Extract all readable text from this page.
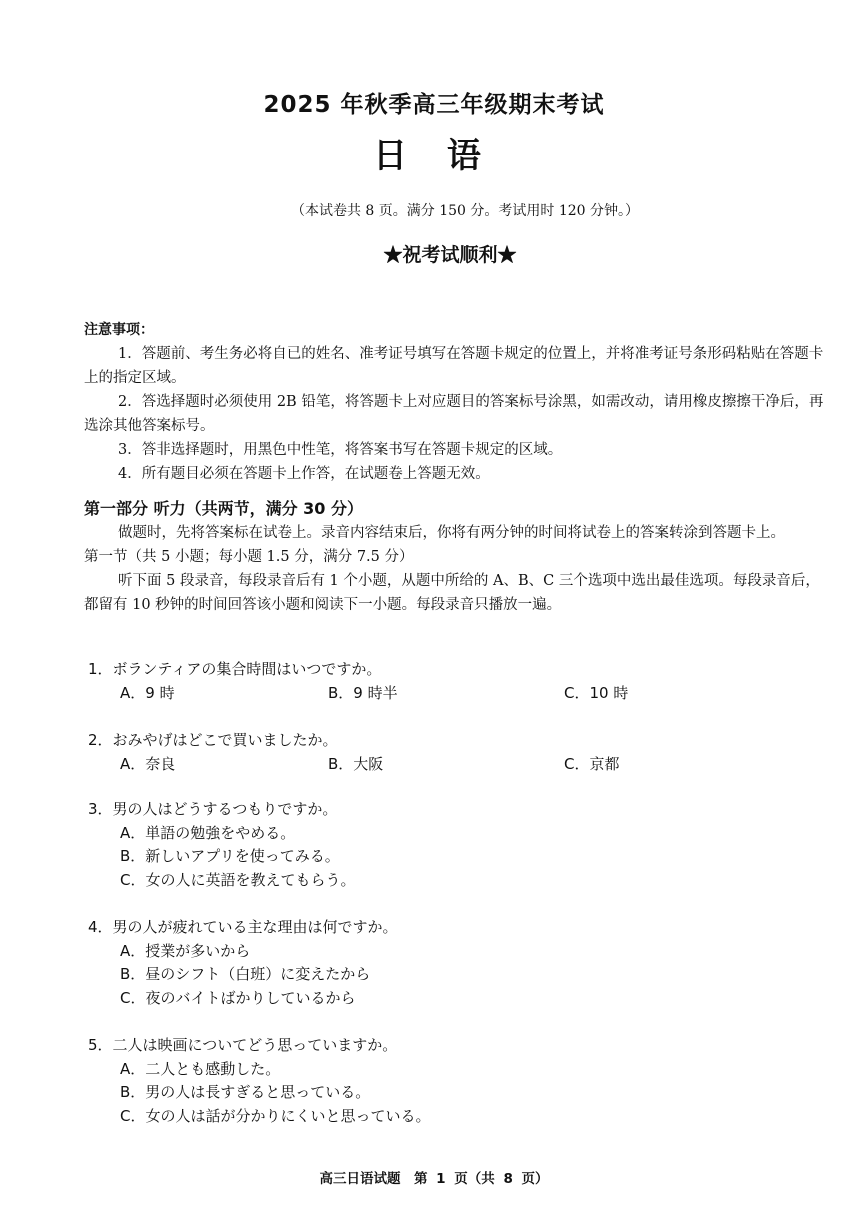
2025 年秋季高三年级期末考试
日 语
（本试卷共 8 页。满分 150 分。考试用时 120 分钟。）
★祝考试顺利★
注意事项：
1．答题前、考生务必将自已的姓名、准考证号填写在答题卡规定的位置上，并将准考证号条形码粘贴在答题卡上的指定区域。
2．答选择题时必须使用 2B 铅笔，将答题卡上对应题目的答案标号涂黑，如需改动，请用橡皮擦擦干净后，再选涂其他答案标号。
3．答非选择题时，用黑色中性笔，将答案书写在答题卡规定的区域。
4．所有题目必须在答题卡上作答，在试题卷上答题无效。
第一部分 听力（共两节，满分 30 分）
做题时，先将答案标在试卷上。录音内容结束后，你将有两分钟的时间将试卷上的答案转涂到答题卡上。
第一节（共 5 小题；每小题 1.5 分，满分 7.5 分）
听下面 5 段录音，每段录音后有 1 个小题，从题中所给的 A、B、C 三个选项中选出最佳选项。每段录音后，都留有 10 秒钟的时间回答该小题和阅读下一小题。每段录音只播放一遍。
1．ボランティアの集合時間はいつですか。
A．9 時	B．9 時半	C．10 時
2．おみやげはどこで買いましたか。
A．奈良	B．大阪	C．京都
3．男の人はどうするつもりですか。
A．単語の勉強をやめる。
B．新しいアプリを使ってみる。
C．女の人に英語を教えてもらう。
4．男の人が疲れている主な理由は何ですか。
A．授業が多いから
B．昼のシフト（白班）に変えたから
C．夜のバイトばかりしているから
5．二人は映画についてどう思っていますか。
A．二人とも感動した。
B．男の人は長すぎると思っている。
C．女の人は話が分かりにくいと思っている。
高三日语试题　第 1 页（共 8 页）
